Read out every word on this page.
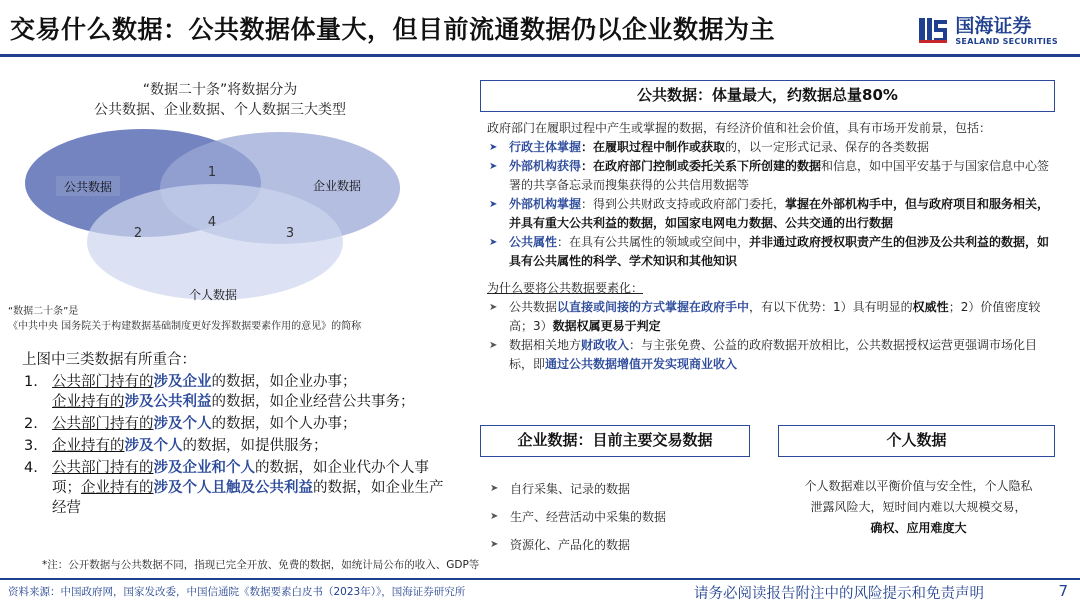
交易什么数据：公共数据体量大，但目前流通数据仍以企业数据为主	国海证券
SEALAND SECURITIES
“数据二十条”将数据分为
公共数据、企业数据、个人数据三大类型
公共数据	企业数据
个人数据
1
2	3
4
“数据二十条”是
《中共中央 国务院关于构建数据基础制度更好发挥数据要素作用的意见》的简称
上图中三类数据有所重合：
1. 公共部门持有的涉及企业的数据，如企业办事；
企业持有的涉及公共利益的数据，如企业经营公共事务；
2. 公共部门持有的涉及个人的数据，如个人办事；
3. 企业持有的涉及个人的数据，如提供服务；
4. 公共部门持有的涉及企业和个人的数据，如企业代办个人事项；企业持有的涉及个人且触及公共利益的数据，如企业生产经营
*注：公开数据与公共数据不同，指现已完全开放、免费的数据，如统计局公布的收入、GDP等
公共数据：体量最大，约数据总量80%
政府部门在履职过程中产生或掌握的数据，有经济价值和社会价值，具有市场开发前景，包括：
➤ 行政主体掌握：在履职过程中制作或获取的，以一定形式记录、保存的各类数据
➤ 外部机构获得：在政府部门控制或委托关系下所创建的数据和信息，如中国平安基于与国家信息中心签署的共享备忘录而搜集获得的公共信用数据等
➤ 外部机构掌握：得到公共财政支持或政府部门委托，掌握在外部机构手中，但与政府项目和服务相关，并具有重大公共利益的数据，如国家电网电力数据、公共交通的出行数据
➤ 公共属性：在具有公共属性的领域或空间中，并非通过政府授权职责产生的但涉及公共利益的数据，如具有公共属性的科学、学术知识和其他知识
为什么要将公共数据要素化：
➤ 公共数据以直接或间接的方式掌握在政府手中，有以下优势：1）具有明显的权威性；2）价值密度较高；3）数据权属更易于判定
➤ 数据相关地方财政收入：与主张免费、公益的政府数据开放相比，公共数据授权运营更强调市场化目标，即通过公共数据增值开发实现商业收入
企业数据：目前主要交易数据
➤ 自行采集、记录的数据
➤ 生产、经营活动中采集的数据
➤ 资源化、产品化的数据
个人数据
个人数据难以平衡价值与安全性，个人隐私
泄露风险大，短时间内难以大规模交易，
确权、应用难度大
资料来源：中国政府网，国家发改委，中国信通院《数据要素白皮书（2023年）》，国海证券研究所	请务必阅读报告附注中的风险提示和免责声明	7
